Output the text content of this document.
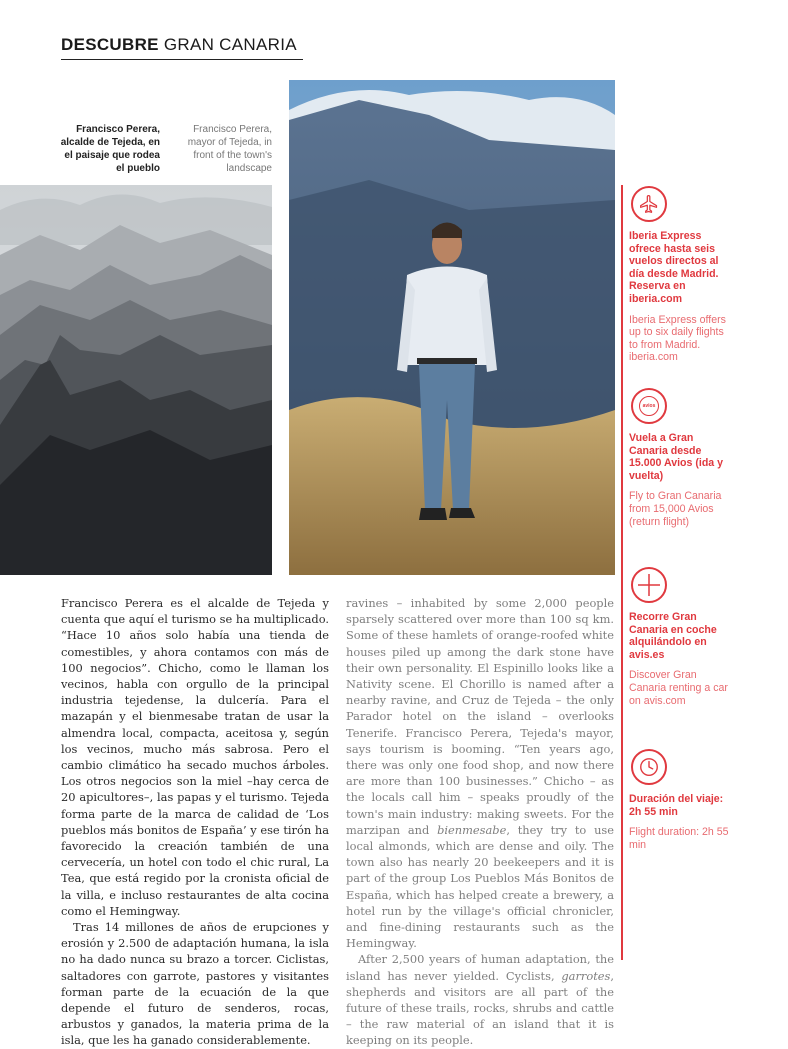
DESCUBRE GRAN CANARIA
Francisco Perera, alcalde de Tejeda, en el paisaje que rodea el pueblo
Francisco Perera, mayor of Tejeda, in front of the town's landscape

Francisco Perera es el alcalde de Tejeda y cuenta que aquí el turismo se ha multiplicado. “Hace 10 años solo había una tienda de comestibles, y ahora contamos con más de 100 negocios”. Chicho, como le llaman los vecinos, habla con orgullo de la principal industria tejedense, la dulcería. Para el mazapán y el bienmesabe tratan de usar la almendra local, compacta, aceitosa y, según los vecinos, mucho más sabrosa. Pero el cambio climático ha secado muchos árboles. Los otros negocios son la miel –hay cerca de 20 apicultores–, las papas y el turismo. Tejeda forma parte de la marca de calidad de ‘Los pueblos más bonitos de España’ y ese tirón ha favorecido la creación también de una cervecería, un hotel con todo el chic rural, La Tea, que está regido por la cronista oficial de la villa, e incluso restaurantes de alta cocina como el Hemingway.

Tras 14 millones de años de erupciones y erosión y 2.500 de adaptación humana, la isla no ha dado nunca su brazo a torcer. Ciclistas, saltadores con garrote, pastores y visitantes forman parte de la ecuación de la que depende el futuro de senderos, rocas, arbustos y ganados, la materia prima de la isla, que les ha ganado considerablemente.

ravines – inhabited by some 2,000 people sparsely scattered over more than 100 sq km. Some of these hamlets of orange-roofed white houses piled up among the dark stone have their own personality. El Espinillo looks like a Nativity scene. El Chorillo is named after a nearby ravine, and Cruz de Tejeda – the only Parador hotel on the island – overlooks Tenerife. Francisco Perera, Tejeda's mayor, says tourism is booming. “Ten years ago, there was only one food shop, and now there are more than 100 businesses.” Chicho – as the locals call him – speaks proudly of the town's main industry: making sweets. For the marzipan and bienmesabe, they try to use local almonds, which are dense and oily. The town also has nearly 20 beekeepers and it is part of the group Los Pueblos Más Bonitos de España, which has helped create a brewery, a hotel run by the village's official chronicler, and fine-dining restaurants such as the Hemingway.

After 2,500 years of human adaptation, the island has never yielded. Cyclists, garrotes, shepherds and visitors are all part of the future of these trails, rocks, shrubs and cattle – the raw material of an island that it is keeping on its people.

Iberia Express ofrece hasta seis vuelos directos al día desde Madrid. Reserva en iberia.com
Iberia Express offers up to six daily flights to from Madrid. iberia.com
avios
Vuela a Gran Canaria desde 15.000 Avios (ida y vuelta)
Fly to Gran Canaria from 15,000 Avios (return flight)
Recorre Gran Canaria en coche alquilándolo en avis.es
Discover Gran Canaria renting a car on avis.com
Duración del viaje: 2h 55 min
Flight duration: 2h 55 min
